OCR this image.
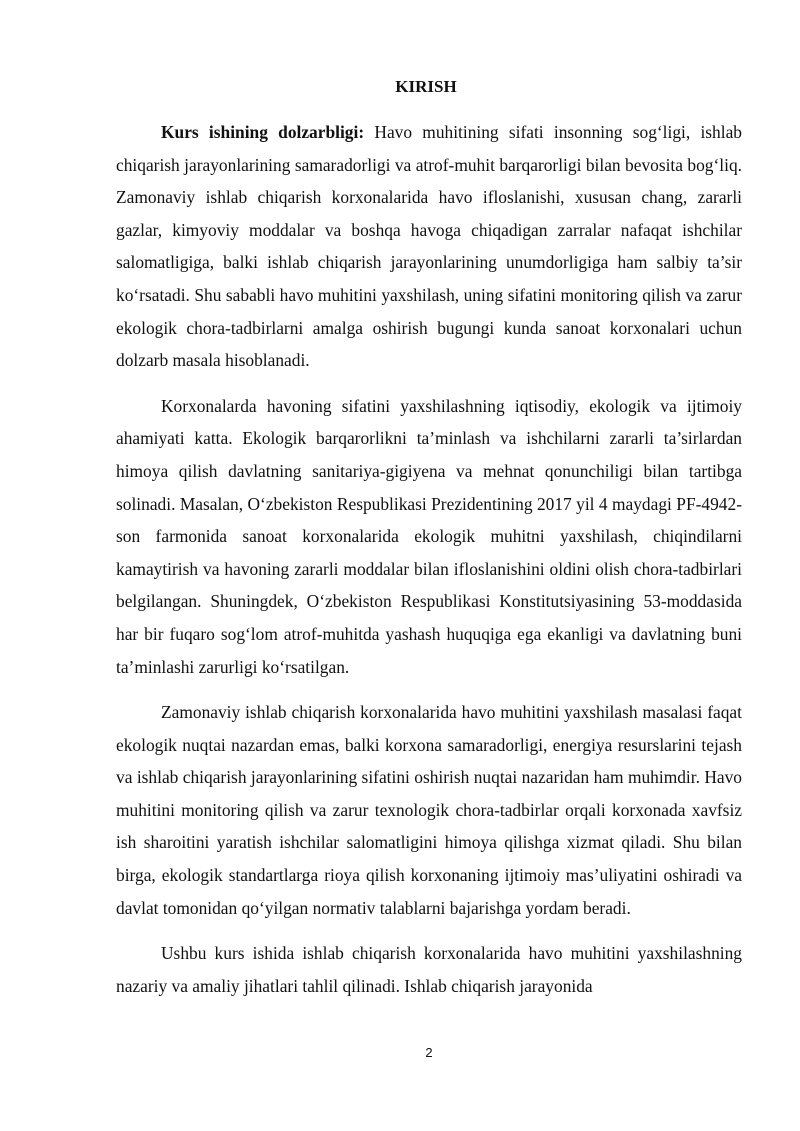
KIRISH

Kurs ishining dolzarbligi: Havo muhitining sifati insonning sog‘ligi, ishlab chiqarish jarayonlarining samaradorligi va atrof-muhit barqarorligi bilan bevosita bog‘liq. Zamonaviy ishlab chiqarish korxonalarida havo ifloslanishi, xususan chang, zararli gazlar, kimyoviy moddalar va boshqa havoga chiqadigan zarralar nafaqat ishchilar salomatligiga, balki ishlab chiqarish jarayonlarining unumdorligiga ham salbiy ta’sir ko‘rsatadi. Shu sababli havo muhitini yaxshilash, uning sifatini monitoring qilish va zarur ekologik chora-tadbirlarni amalga oshirish bugungi kunda sanoat korxonalari uchun dolzarb masala hisoblanadi.

Korxonalarda havoning sifatini yaxshilashning iqtisodiy, ekologik va ijtimoiy ahamiyati katta. Ekologik barqarorlikni ta’minlash va ishchilarni zararli ta’sirlardan himoya qilish davlatning sanitariya-gigiyena va mehnat qonunchiligi bilan tartibga solinadi. Masalan, O‘zbekiston Respublikasi Prezidentining 2017 yil 4 maydagi PF-4942-son farmonida sanoat korxonalarida ekologik muhitni yaxshilash, chiqindilarni kamaytirish va havoning zararli moddalar bilan ifloslanishini oldini olish chora-tadbirlari belgilangan. Shuningdek, O‘zbekiston Respublikasi Konstitutsiyasining 53-moddasida har bir fuqaro sog‘lom atrof-muhitda yashash huquqiga ega ekanligi va davlatning buni ta’minlashi zarurligi ko‘rsatilgan.

Zamonaviy ishlab chiqarish korxonalarida havo muhitini yaxshilash masalasi faqat ekologik nuqtai nazardan emas, balki korxona samaradorligi, energiya resurslarini tejash va ishlab chiqarish jarayonlarining sifatini oshirish nuqtai nazaridan ham muhimdir. Havo muhitini monitoring qilish va zarur texnologik chora-tadbirlar orqali korxonada xavfsiz ish sharoitini yaratish ishchilar salomatligini himoya qilishga xizmat qiladi. Shu bilan birga, ekologik standartlarga rioya qilish korxonaning ijtimoiy mas’uliyatini oshiradi va davlat tomonidan qo‘yilgan normativ talablarni bajarishga yordam beradi.

Ushbu kurs ishida ishlab chiqarish korxonalarida havo muhitini yaxshilashning nazariy va amaliy jihatlari tahlil qilinadi. Ishlab chiqarish jarayonida

2
